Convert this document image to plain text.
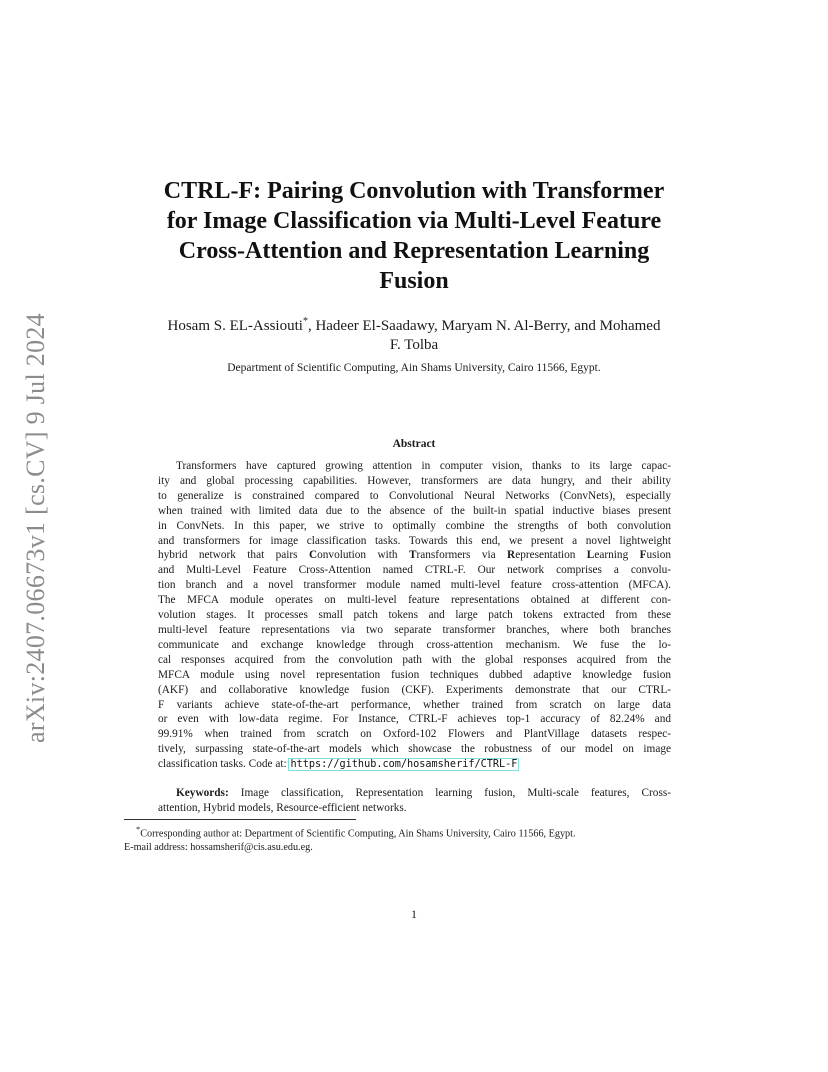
arXiv:2407.06673v1 [cs.CV] 9 Jul 2024
CTRL-F: Pairing Convolution with Transformer
for Image Classification via Multi-Level Feature
Cross-Attention and Representation Learning
Fusion
Hosam S. EL-Assiouti*, Hadeer El-Saadawy, Maryam N. Al-Berry, and Mohamed
F. Tolba
Department of Scientific Computing, Ain Shams University, Cairo 11566, Egypt.
Abstract
Transformers have captured growing attention in computer vision, thanks to its large capac-
ity and global processing capabilities. However, transformers are data hungry, and their ability
to generalize is constrained compared to Convolutional Neural Networks (ConvNets), especially
when trained with limited data due to the absence of the built-in spatial inductive biases present
in ConvNets. In this paper, we strive to optimally combine the strengths of both convolution
and transformers for image classification tasks. Towards this end, we present a novel lightweight
hybrid network that pairs Convolution with Transformers via Representation Learning Fusion
and Multi-Level Feature Cross-Attention named CTRL-F. Our network comprises a convolu-
tion branch and a novel transformer module named multi-level feature cross-attention (MFCA).
The MFCA module operates on multi-level feature representations obtained at different con-
volution stages. It processes small patch tokens and large patch tokens extracted from these
multi-level feature representations via two separate transformer branches, where both branches
communicate and exchange knowledge through cross-attention mechanism. We fuse the lo-
cal responses acquired from the convolution path with the global responses acquired from the
MFCA module using novel representation fusion techniques dubbed adaptive knowledge fusion
(AKF) and collaborative knowledge fusion (CKF). Experiments demonstrate that our CTRL-
F variants achieve state-of-the-art performance, whether trained from scratch on large data
or even with low-data regime. For Instance, CTRL-F achieves top-1 accuracy of 82.24% and
99.91% when trained from scratch on Oxford-102 Flowers and PlantVillage datasets respec-
tively, surpassing state-of-the-art models which showcase the robustness of our model on image
classification tasks. Code at: https://github.com/hosamsherif/CTRL-F
Keywords: Image classification, Representation learning fusion, Multi-scale features, Cross-
attention, Hybrid models, Resource-efficient networks.
*Corresponding author at: Department of Scientific Computing, Ain Shams University, Cairo 11566, Egypt.
E-mail address: hossamsherif@cis.asu.edu.eg.
1
